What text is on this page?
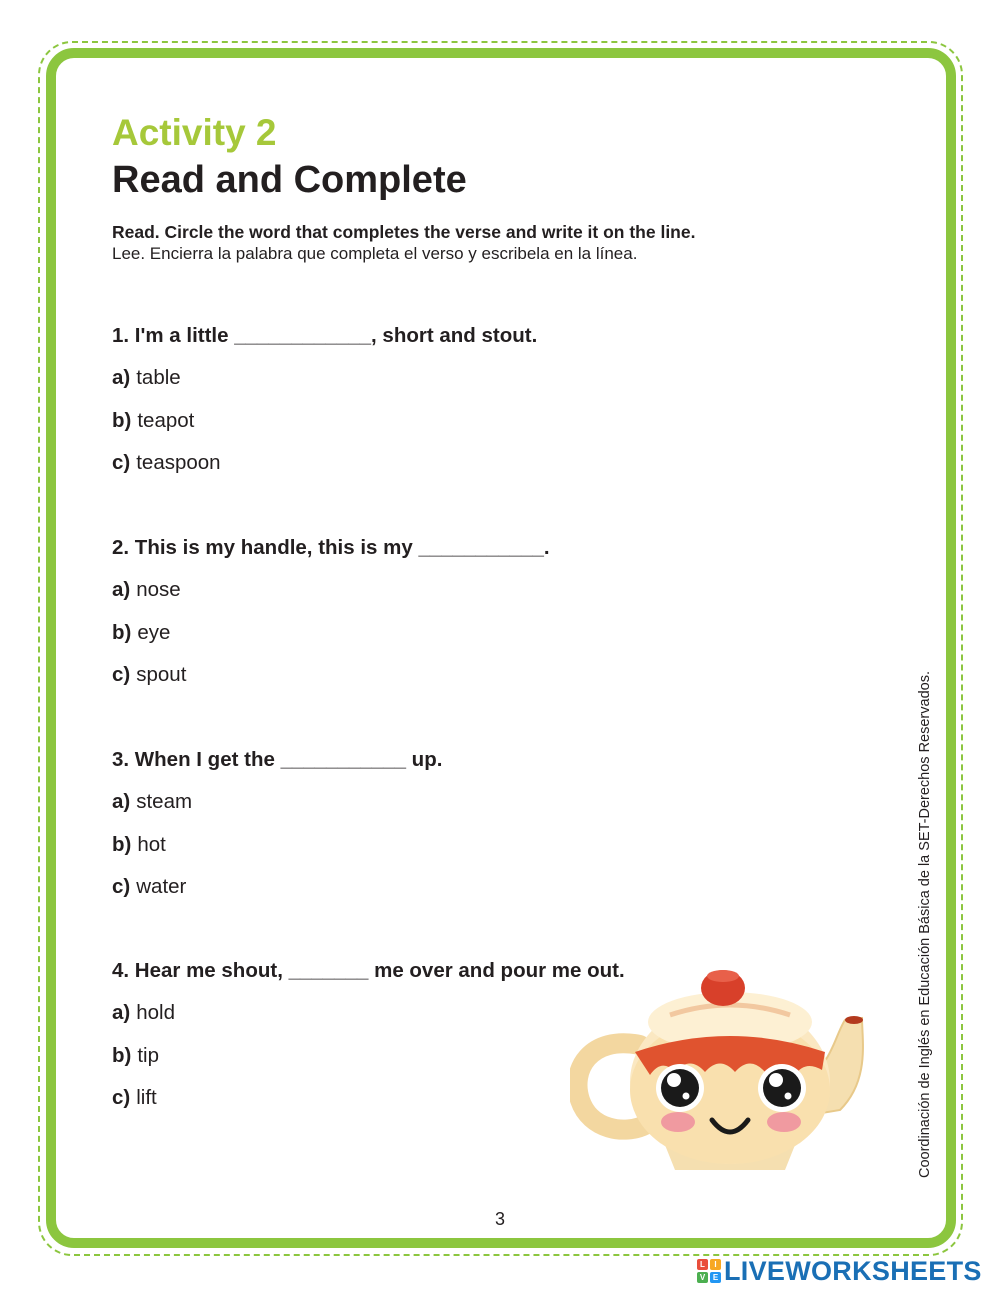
Activity 2
Read and Complete
Read. Circle the word that completes the verse and write it on the line.
Lee. Encierra la palabra que completa el verso y escribela en la línea.
1. I'm a little ____________, short and stout.
a) table
b) teapot
c) teaspoon
2. This is my handle, this is my ___________.
a) nose
b) eye
c) spout
3. When I get the ___________ up.
a) steam
b) hot
c) water
4. Hear me shout, _______ me over and pour me out.
a) hold
b) tip
c) lift	Coordinación de Inglés en Educación Básica de la SET-Derechos Reservados.
3
L	I
V E LIVEWORKSHEETS
